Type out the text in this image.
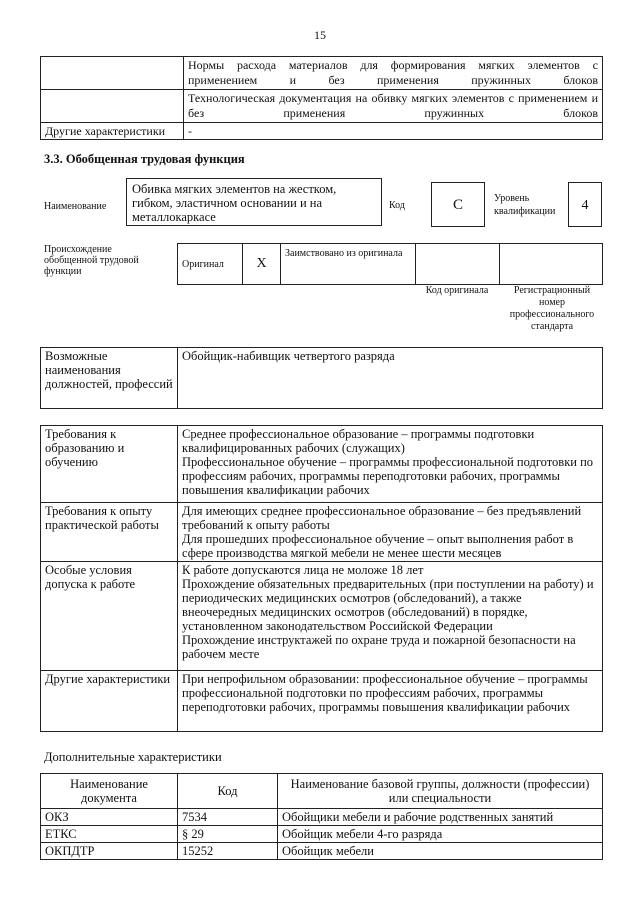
15
	Нормы расхода материалов для формирования мягких элементов с применением и без применения пружинных блоков
	Технологическая документация на обивку мягких элементов с применением и без применения пружинных блоков
Другие характеристики	-
3.3. Обобщенная трудовая функция
Наименование
Обивка мягких элементов на жестком, гибком, эластичном основании и на металлокаркасе
Код	С	Уровень квалификации	4
Происхождение обобщенной трудовой функции
Оригинал	X	Заимствовано из оригинала		
Код оригинала	Регистрационный номер профессионального стандарта
Возможные наименования должностей, профессий	Обойщик-набивщик четвертого разряда
Требования к образованию и обучению	Среднее профессиональное образование – программы подготовки квалифицированных рабочих (служащих)
Профессиональное обучение – программы профессиональной подготовки по профессиям рабочих, программы переподготовки рабочих, программы повышения квалификации рабочих

Требования к опыту практической работы	Для имеющих среднее профессиональное образование – без предъявлений требований к опыту работы
Для прошедших профессиональное обучение – опыт выполнения работ в сфере производства мягкой мебели не менее шести месяцев

Особые условия допуска к работе	К работе допускаются лица не моложе 18 лет
Прохождение обязательных предварительных (при поступлении на работу) и периодических медицинских осмотров (обследований), а также внеочередных медицинских осмотров (обследований) в порядке, установленном законодательством Российской Федерации
Прохождение инструктажей по охране труда и пожарной безопасности на рабочем месте

Другие характеристики	При непрофильном образовании: профессиональное обучение – программы профессиональной подготовки по профессиям рабочих, программы переподготовки рабочих, программы повышения квалификации рабочих
Дополнительные характеристики
Наименование документа	Код	Наименование базовой группы, должности (профессии) или специальности
ОКЗ	7534	Обойщики мебели и рабочие родственных занятий
ЕТКС	§ 29	Обойщик мебели 4-го разряда
ОКПДТР	15252	Обойщик мебели
